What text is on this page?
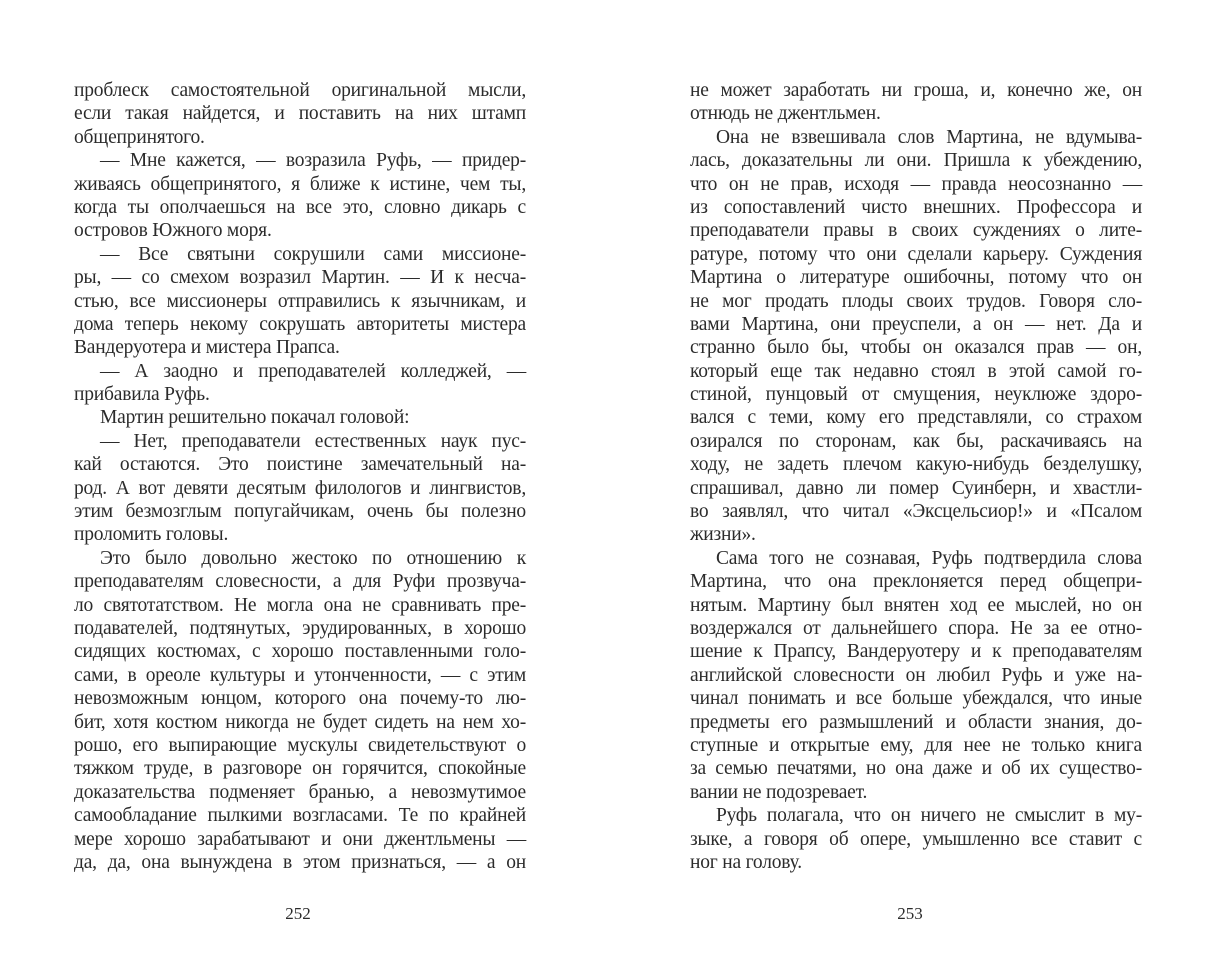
проблеск самостоятельной оригинальной мысли,
если такая найдется, и поставить на них штамп
общепринятого.
— Мне кажется, — возразила Руфь, — придер-
живаясь общепринятого, я ближе к истине, чем ты,
когда ты ополчаешься на все это, словно дикарь с
островов Южного моря.
— Все святыни сокрушили сами миссионе-
ры, — со смехом возразил Мартин. — И к несча-
стью, все миссионеры отправились к язычникам, и
дома теперь некому сокрушать авторитеты мистера
Вандеруотера и мистера Прапса.
— А заодно и преподавателей колледжей, —
прибавила Руфь.
Мартин решительно покачал головой:
— Нет, преподаватели естественных наук пус-
кай остаются. Это поистине замечательный на-
род. А вот девяти десятым филологов и лингвистов,
этим безмозглым попугайчикам, очень бы полезно
проломить головы.
Это было довольно жестоко по отношению к
преподавателям словесности, а для Руфи прозвуча-
ло святотатством. Не могла она не сравнивать пре-
подавателей, подтянутых, эрудированных, в хорошо
сидящих костюмах, с хорошо поставленными голо-
сами, в ореоле культуры и утонченности, — с этим
невозможным юнцом, которого она почему-то лю-
бит, хотя костюм никогда не будет сидеть на нем хо-
рошо, его выпирающие мускулы свидетельствуют о
тяжком труде, в разговоре он горячится, спокойные
доказательства подменяет бранью, а невозмутимое
самообладание пылкими возгласами. Те по крайней
мере хорошо зарабатывают и они джентльмены —
да, да, она вынуждена в этом признаться, — а он
252
не может заработать ни гроша, и, конечно же, он
отнюдь не джентльмен.
Она не взвешивала слов Мартина, не вдумыва-
лась, доказательны ли они. Пришла к убеждению,
что он не прав, исходя — правда неосознанно —
из сопоставлений чисто внешних. Профессора и
преподаватели правы в своих суждениях о лите-
ратуре, потому что они сделали карьеру. Суждения
Мартина о литературе ошибочны, потому что он
не мог продать плоды своих трудов. Говоря сло-
вами Мартина, они преуспели, а он — нет. Да и
странно было бы, чтобы он оказался прав — он,
который еще так недавно стоял в этой самой го-
стиной, пунцовый от смущения, неуклюже здоро-
вался с теми, кому его представляли, со страхом
озирался по сторонам, как бы, раскачиваясь на
ходу, не задеть плечом какую-нибудь безделушку,
спрашивал, давно ли помер Суинберн, и хвастли-
во заявлял, что читал «Эксцельсиор!» и «Псалом
жизни».
Сама того не сознавая, Руфь подтвердила слова
Мартина, что она преклоняется перед общепри-
нятым. Мартину был внятен ход ее мыслей, но он
воздержался от дальнейшего спора. Не за ее отно-
шение к Прапсу, Вандеруотеру и к преподавателям
английской словесности он любил Руфь и уже на-
чинал понимать и все больше убеждался, что иные
предметы его размышлений и области знания, до-
ступные и открытые ему, для нее не только книга
за семью печатями, но она даже и об их существо-
вании не подозревает.
Руфь полагала, что он ничего не смыслит в му-
зыке, а говоря об опере, умышленно все ставит с
ног на голову.
253
